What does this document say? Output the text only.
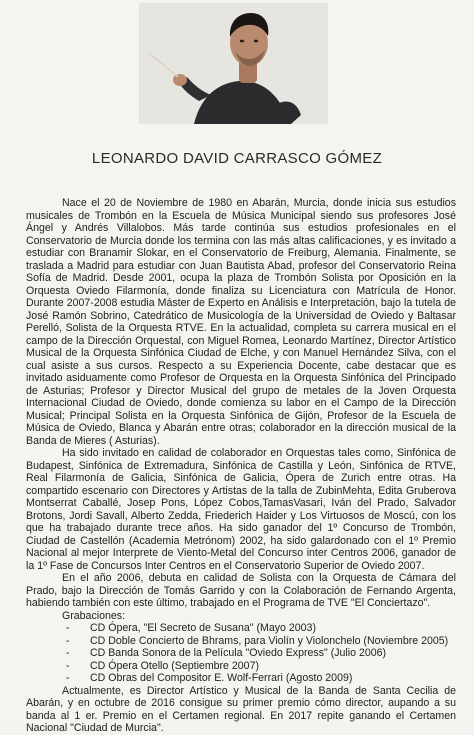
LEONARDO DAVID CARRASCO GÓMEZ

Nace el 20 de Noviembre de 1980 en Abarán, Murcia, donde inicia sus estudios musicales de Trombón en la Escuela de Música Municipal siendo sus profesores José Ángel y Andrés Villalobos. Más tarde continúa sus estudios profesionales en el Conservatorio de Murcia donde los termina con las más altas calificaciones, y es invitado a estudiar con Branamir Slokar, en el Conservatorio de Freiburg, Alemania. Finalmente, se traslada a Madrid para estudiar con Juan Bautista Abad, profesor del Conservatorio Reina Sofía de Madrid. Desde 2001, ocupa la plaza de Trombón Solista por Oposición en la Orquesta Oviedo Filarmonía, donde finaliza su Licenciatura con Matrícula de Honor. Durante 2007-2008 estudia Máster de Experto en Análisis e Interpretación, bajo la tutela de José Ramón Sobrino, Catedrático de Musicología de la Universidad de Oviedo y Baltasar Perelló, Solista de la Orquesta RTVE. En la actualidad, completa su carrera musical en el campo de la Dirección Orquestal, con Miguel Romea, Leonardo Martínez, Director Artístico Musical de la Orquesta Sinfónica Ciudad de Elche, y con Manuel Hernández Silva, con el cual asiste a sus cursos. Respecto a su Experiencia Docente, cabe destacar que es invitado asiduamente como Profesor de Orquesta en la Orquesta Sinfónica del Principado de Asturias; Profesor y Director Musical del grupo de metales de la Joven Orquesta Internacional Ciudad de Oviedo, donde comienza su labor en el Campo de la Dirección Musical; Principal Solista en la Orquesta Sinfónica de Gijón, Profesor de la Escuela de Música de Oviedo, Blanca y Abarán entre otras; colaborador en la dirección musical de la Banda de Mieres ( Asturias).

Ha sido invitado en calidad de colaborador en Orquestas tales como, Sinfónica de Budapest, Sinfónica de Extremadura, Sinfónica de Castilla y León, Sinfónica de RTVE, Real Filarmonía de Galicia, Sinfónica de Galicia, Ópera de Zurich entre otras. Ha compartido escenario con Directores y Artistas de la talla de ZubinMehta, Edita Gruberova Montserrat Caballé, Josep Pons, López Cobos,TamasVasari, Iván del Prado, Salvador Brotons, Jordi Savall, Alberto Zedda, Friederich Haider y Los Virtuosos de Moscú, con los que ha trabajado durante trece años. Ha sido ganador del 1º Concurso de Trombón, Ciudad de Castellón (Academia Metrónom) 2002, ha sido galardonado con el 1º Premio Nacional al mejor Interprete de Viento-Metal del Concurso inter Centros 2006, ganador de la 1º Fase de Concursos Inter Centros en el Conservatorio Superior de Oviedo 2007.

En el año 2006, debuta en calidad de Solista con la Orquesta de Cámara del Prado, bajo la Dirección de Tomás Garrido y con la Colaboración de Fernando Argenta, habiendo también con este último, trabajado en el Programa de TVE "El Conciertazo".

Grabaciones:

- CD Ópera, "El Secreto de Susana" (Mayo 2003)
- CD Doble Concierto de Bhrams, para Violín y Violonchelo (Noviembre 2005)
- CD Banda Sonora de la Película "Oviedo Express" (Julio 2006)
- CD Ópera Otello (Septiembre 2007)
- CD Obras del Compositor E. Wolf-Ferrari (Agosto 2009)

Actualmente, es Director Artístico y Musical de la Banda de Santa Cecilia de Abarán, y en octubre de 2016 consigue su primer premio cómo director, aupando a su banda al 1 er. Premio en el Certamen regional. En 2017 repite ganando el Certamen Nacional "Ciudad de Murcia".
